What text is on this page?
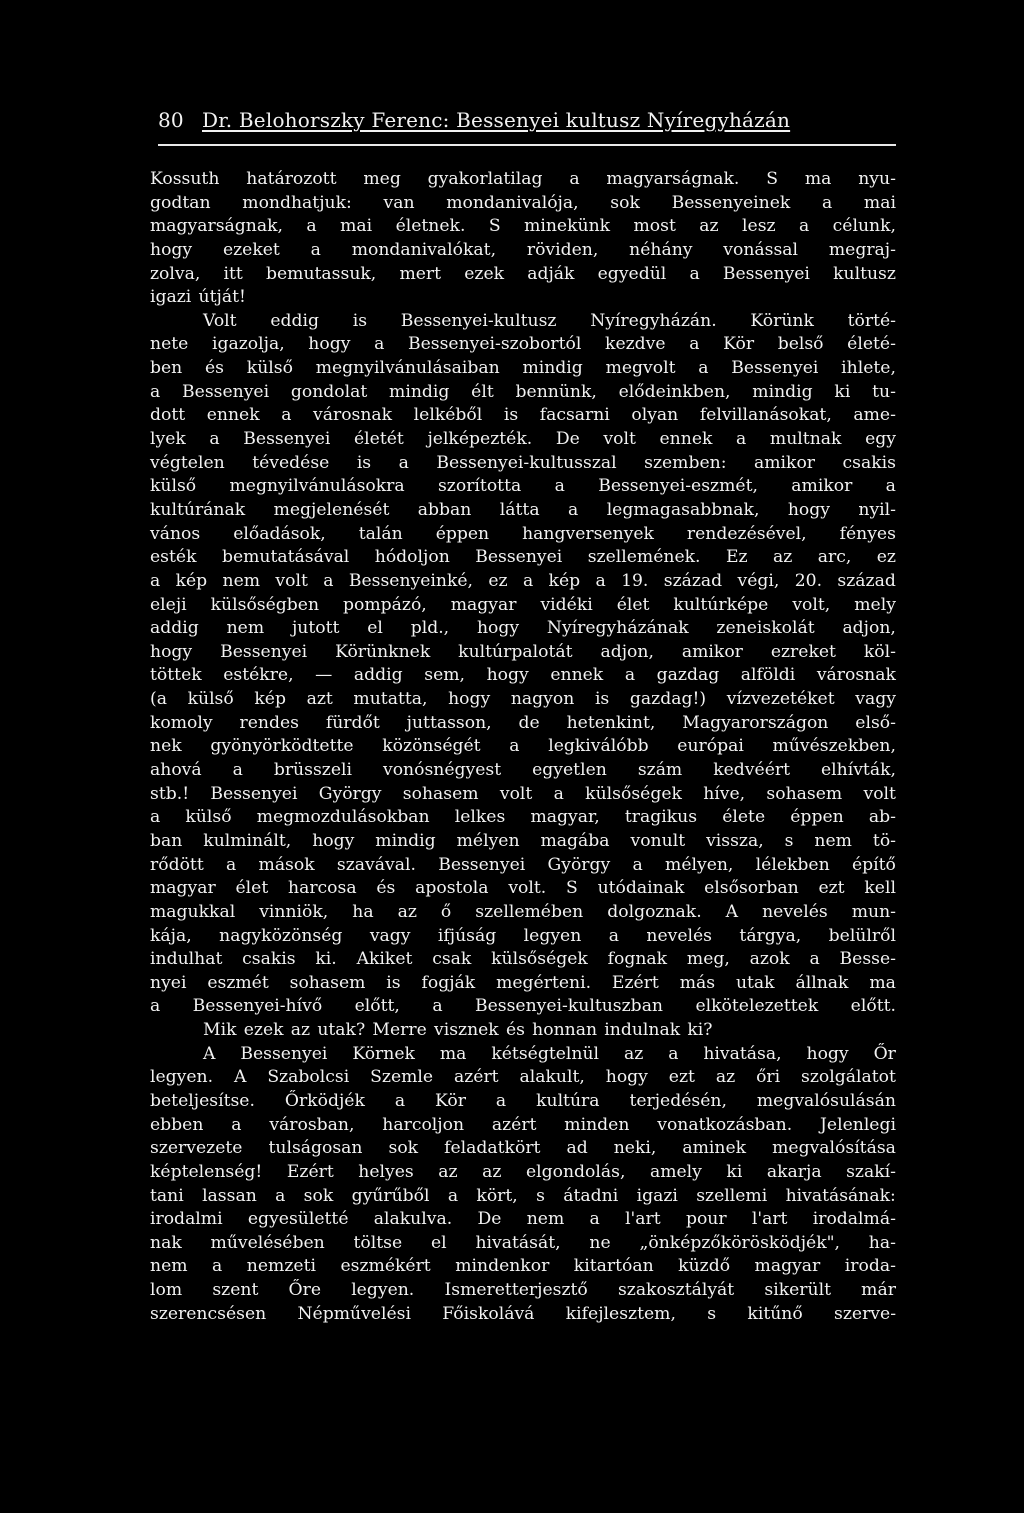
80 Dr. Belohorszky Ferenc: Bessenyei kultusz Nyíregyházán
Kossuth határozott meg gyakorlatilag a magyarságnak. S ma nyu-
godtan mondhatjuk: van mondanivalója, sok Bessenyeinek a mai
magyarságnak, a mai életnek. S minekünk most az lesz a célunk,
hogy ezeket a mondanivalókat, röviden, néhány vonással megraj-
zolva, itt bemutassuk, mert ezek adják egyedül a Bessenyei kultusz
igazi útját!
Volt eddig is Bessenyei-kultusz Nyíregyházán. Körünk törté-
nete igazolja, hogy a Bessenyei-szobortól kezdve a Kör belső életé-
ben és külső megnyilvánulásaiban mindig megvolt a Bessenyei ihlete,
a Bessenyei gondolat mindig élt bennünk, elődeinkben, mindig ki tu-
dott ennek a városnak lelkéből is facsarni olyan felvillanásokat, ame-
lyek a Bessenyei életét jelképezték. De volt ennek a multnak egy
végtelen tévedése is a Bessenyei-kultusszal szemben: amikor csakis
külső megnyilvánulásokra szorította a Bessenyei-eszmét, amikor a
kultúrának megjelenését abban látta a legmagasabbnak, hogy nyil-
vános előadások, talán éppen hangversenyek rendezésével, fényes
esték bemutatásával hódoljon Bessenyei szellemének. Ez az arc, ez
a kép nem volt a Bessenyeinké, ez a kép a 19. század végi, 20. század
eleji külsőségben pompázó, magyar vidéki élet kultúrképe volt, mely
addig nem jutott el pld., hogy Nyíregyházának zeneiskolát adjon,
hogy Bessenyei Körünknek kultúrpalotát adjon, amikor ezreket köl-
töttek estékre, — addig sem, hogy ennek a gazdag alföldi városnak
(a külső kép azt mutatta, hogy nagyon is gazdag!) vízvezetéket vagy
komoly rendes fürdőt juttasson, de hetenkint, Magyarországon első-
nek gyönyörködtette közönségét a legkiválóbb európai művészekben,
ahová a brüsszeli vonósnégyest egyetlen szám kedvéért elhívták,
stb.! Bessenyei György sohasem volt a külsőségek híve, sohasem volt
a külső megmozdulásokban lelkes magyar, tragikus élete éppen ab-
ban kulminált, hogy mindig mélyen magába vonult vissza, s nem tö-
rődött a mások szavával. Bessenyei György a mélyen, lélekben építő
magyar élet harcosa és apostola volt. S utódainak elsősorban ezt kell
magukkal vinniök, ha az ő szellemében dolgoznak. A nevelés mun-
kája, nagyközönség vagy ifjúság legyen a nevelés tárgya, belülről
indulhat csakis ki. Akiket csak külsőségek fognak meg, azok a Besse-
nyei eszmét sohasem is fogják megérteni. Ezért más utak állnak ma
a Bessenyei-hívő előtt, a Bessenyei-kultuszban elkötelezettek előtt.
Mik ezek az utak? Merre visznek és honnan indulnak ki?
A Bessenyei Körnek ma kétségtelnül az a hivatása, hogy Őr
legyen. A Szabolcsi Szemle azért alakult, hogy ezt az őri szolgálatot
beteljesítse. Őrködjék a Kör a kultúra terjedésén, megvalósulásán
ebben a városban, harcoljon azért minden vonatkozásban. Jelenlegi
szervezete tulságosan sok feladatkört ad neki, aminek megvalósítása
képtelenség! Ezért helyes az az elgondolás, amely ki akarja szakí-
tani lassan a sok gyűrűből a kört, s átadni igazi szellemi hivatásának:
irodalmi egyesületté alakulva. De nem a l'art pour l'art irodalmá-
nak művelésében töltse el hivatását, ne „önképzőkörösködjék", ha-
nem a nemzeti eszmékért mindenkor kitartóan küzdő magyar iroda-
lom szent Őre legyen. Ismeretterjesztő szakosztályát sikerült már
szerencsésen Népművelési Főiskolává kifejlesztem, s kitűnő szerve-
